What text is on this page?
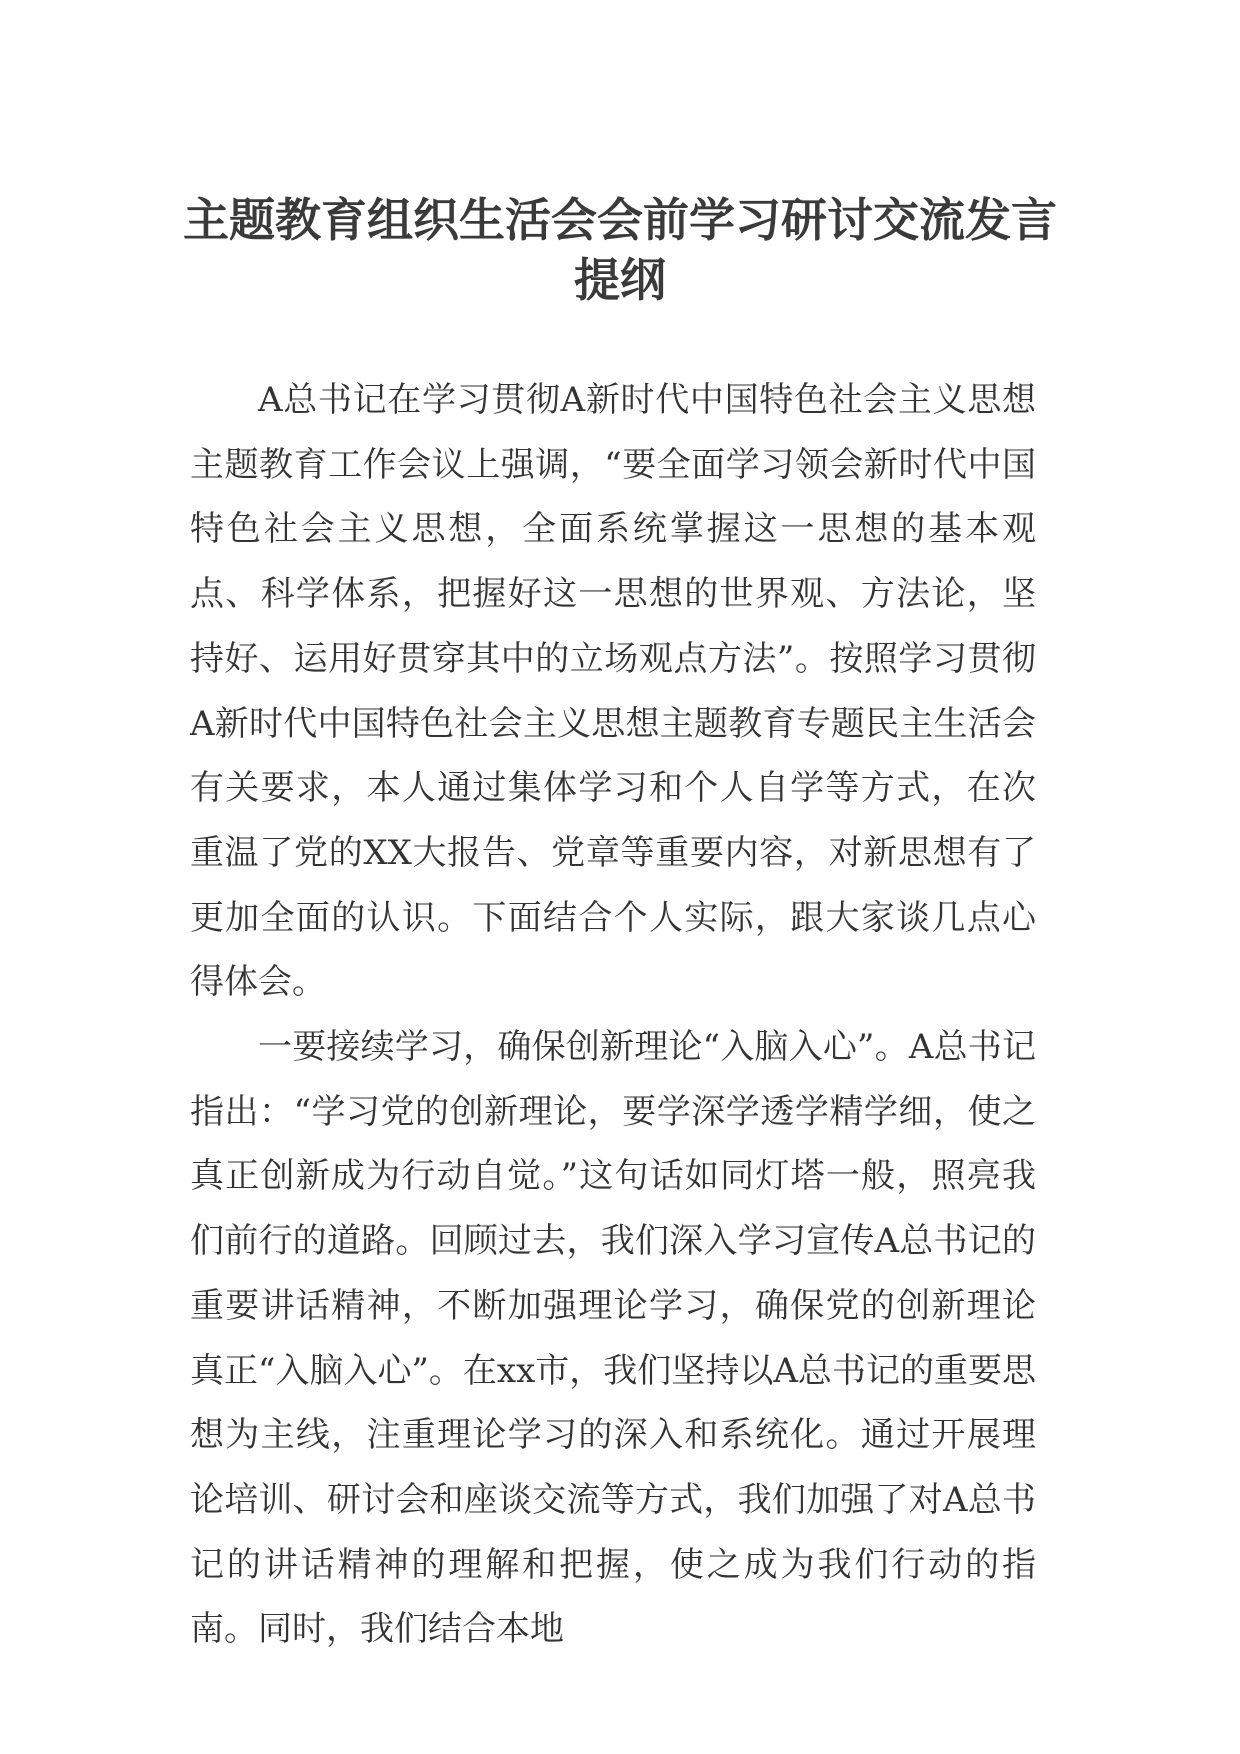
主题教育组织生活会会前学习研讨交流发言
提纲

A总书记在学习贯彻A新时代中国特色社会主义思想主题教育工作会议上强调，“要全面学习领会新时代中国特色社会主义思想，全面系统掌握这一思想的基本观点、科学体系，把握好这一思想的世界观、方法论，坚持好、运用好贯穿其中的立场观点方法”。按照学习贯彻A新时代中国特色社会主义思想主题教育专题民主生活会有关要求，本人通过集体学习和个人自学等方式，在次重温了党的XX大报告、党章等重要内容，对新思想有了更加全面的认识。下面结合个人实际，跟大家谈几点心得体会。

一要接续学习，确保创新理论“入脑入心”。A总书记指出：“学习党的创新理论，要学深学透学精学细，使之真正创新成为行动自觉。”这句话如同灯塔一般，照亮我们前行的道路。回顾过去，我们深入学习宣传A总书记的重要讲话精神，不断加强理论学习，确保党的创新理论真正“入脑入心”。在xx市，我们坚持以A总书记的重要思想为主线，注重理论学习的深入和系统化。通过开展理论培训、研讨会和座谈交流等方式，我们加强了对A总书记的讲话精神的理解和把握，使之成为我们行动的指南。同时，我们结合本地
